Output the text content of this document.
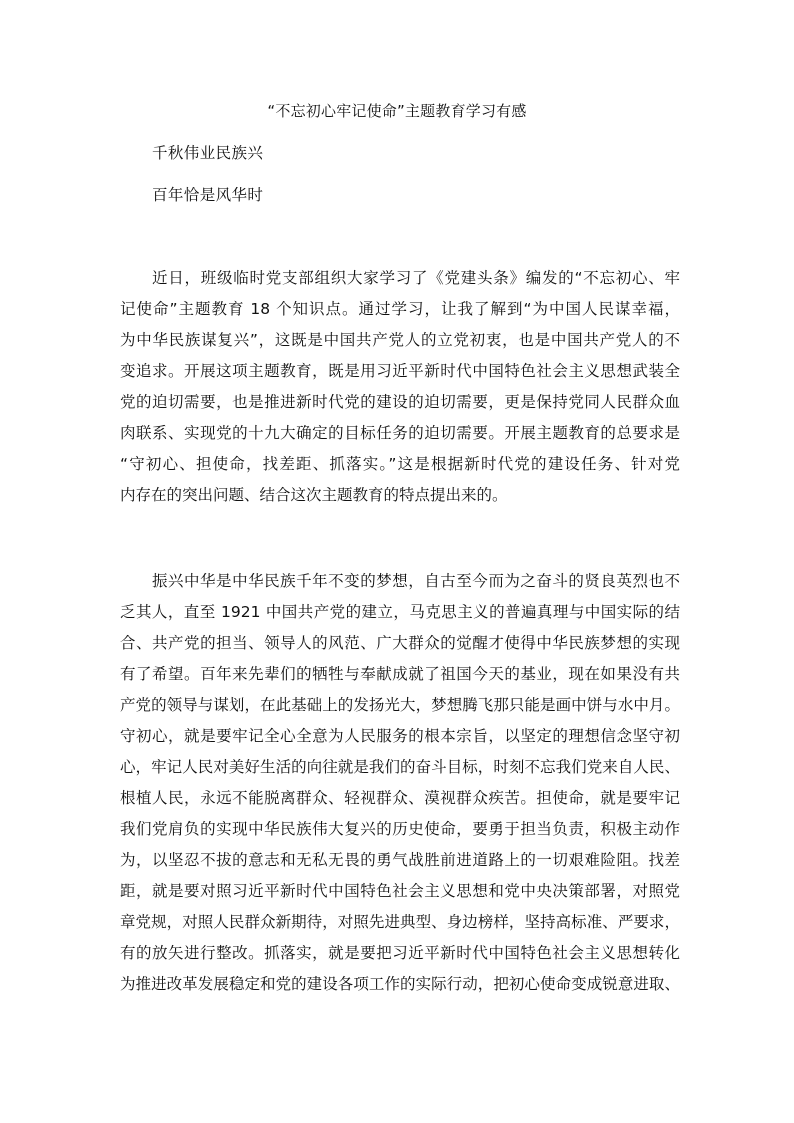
“不忘初心牢记使命”主题教育学习有感
千秋伟业民族兴
百年恰是风华时
近日，班级临时党支部组织大家学习了《党建头条》编发的“不忘初心、牢
记使命”主题教育 18 个知识点。通过学习，让我了解到“为中国人民谋幸福，
为中华民族谋复兴”，这既是中国共产党人的立党初衷，也是中国共产党人的不
变追求。开展这项主题教育，既是用习近平新时代中国特色社会主义思想武装全
党的迫切需要，也是推进新时代党的建设的迫切需要，更是保持党同人民群众血
肉联系、实现党的十九大确定的目标任务的迫切需要。开展主题教育的总要求是
“守初心、担使命，找差距、抓落实。”这是根据新时代党的建设任务、针对党
内存在的突出问题、结合这次主题教育的特点提出来的。
振兴中华是中华民族千年不变的梦想，自古至今而为之奋斗的贤良英烈也不
乏其人，直至 1921 中国共产党的建立，马克思主义的普遍真理与中国实际的结
合、共产党的担当、领导人的风范、广大群众的觉醒才使得中华民族梦想的实现
有了希望。百年来先辈们的牺牲与奉献成就了祖国今天的基业，现在如果没有共
产党的领导与谋划，在此基础上的发扬光大，梦想腾飞那只能是画中饼与水中月。
守初心，就是要牢记全心全意为人民服务的根本宗旨，以坚定的理想信念坚守初
心，牢记人民对美好生活的向往就是我们的奋斗目标，时刻不忘我们党来自人民、
根植人民，永远不能脱离群众、轻视群众、漠视群众疾苦。担使命，就是要牢记
我们党肩负的实现中华民族伟大复兴的历史使命，要勇于担当负责，积极主动作
为，以坚忍不拔的意志和无私无畏的勇气战胜前进道路上的一切艰难险阻。找差
距，就是要对照习近平新时代中国特色社会主义思想和党中央决策部署，对照党
章党规，对照人民群众新期待，对照先进典型、身边榜样，坚持高标准、严要求，
有的放矢进行整改。抓落实，就是要把习近平新时代中国特色社会主义思想转化
为推进改革发展稳定和党的建设各项工作的实际行动，把初心使命变成锐意进取、
